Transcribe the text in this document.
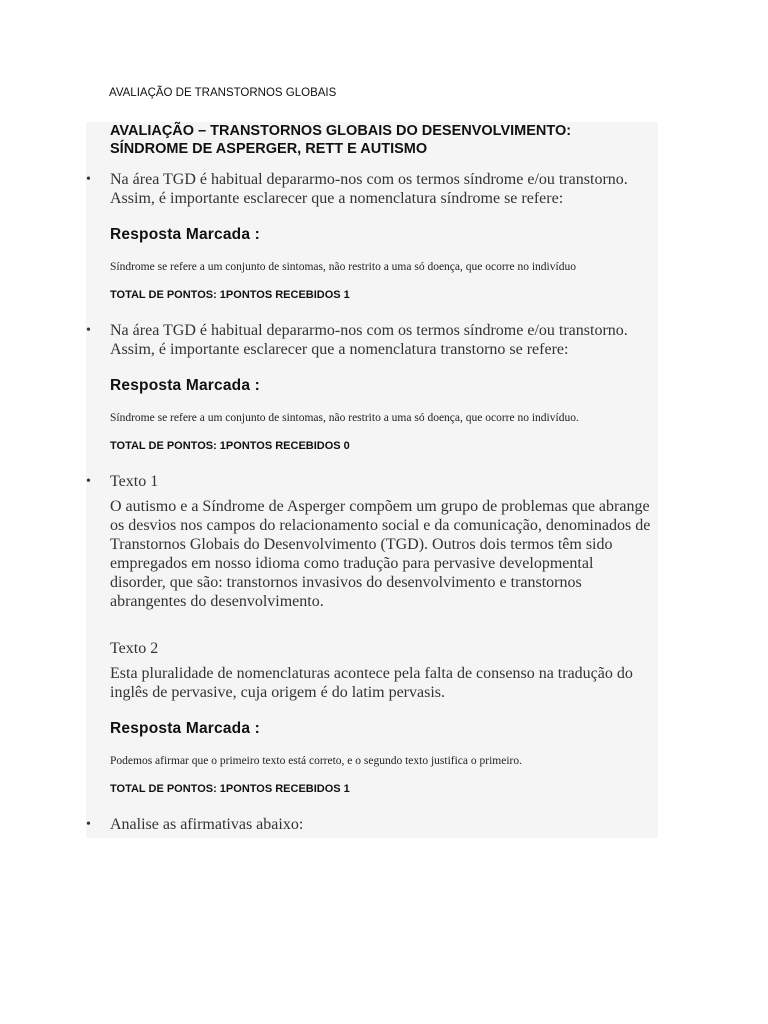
AVALIAÇÃO DE TRANSTORNOS GLOBAIS
AVALIAÇÃO – TRANSTORNOS GLOBAIS DO DESENVOLVIMENTO: SÍNDROME DE ASPERGER, RETT E AUTISMO
• Na área TGD é habitual depararmo-nos com os termos síndrome e/ou transtorno. Assim, é importante esclarecer que a nomenclatura síndrome se refere:
Resposta Marcada :

Síndrome se refere a um conjunto de sintomas, não restrito a uma só doença, que ocorre no indivíduo

TOTAL DE PONTOS: 1PONTOS RECEBIDOS 1
• Na área TGD é habitual depararmo-nos com os termos síndrome e/ou transtorno. Assim, é importante esclarecer que a nomenclatura transtorno se refere:
Resposta Marcada :

Síndrome se refere a um conjunto de sintomas, não restrito a uma só doença, que ocorre no indivíduo.

TOTAL DE PONTOS: 1PONTOS RECEBIDOS 0
• Texto 1

O autismo e a Síndrome de Asperger compõem um grupo de problemas que abrange os desvios nos campos do relacionamento social e da comunicação, denominados de Transtornos Globais do Desenvolvimento (TGD). Outros dois termos têm sido empregados em nosso idioma como tradução para pervasive developmental disorder, que são: transtornos invasivos do desenvolvimento e transtornos abrangentes do desenvolvimento.

Texto 2

Esta pluralidade de nomenclaturas acontece pela falta de consenso na tradução do inglês de pervasive, cuja origem é do latim pervasis.

Resposta Marcada :

Podemos afirmar que o primeiro texto está correto, e o segundo texto justifica o primeiro.

TOTAL DE PONTOS: 1PONTOS RECEBIDOS 1
• Analise as afirmativas abaixo:
